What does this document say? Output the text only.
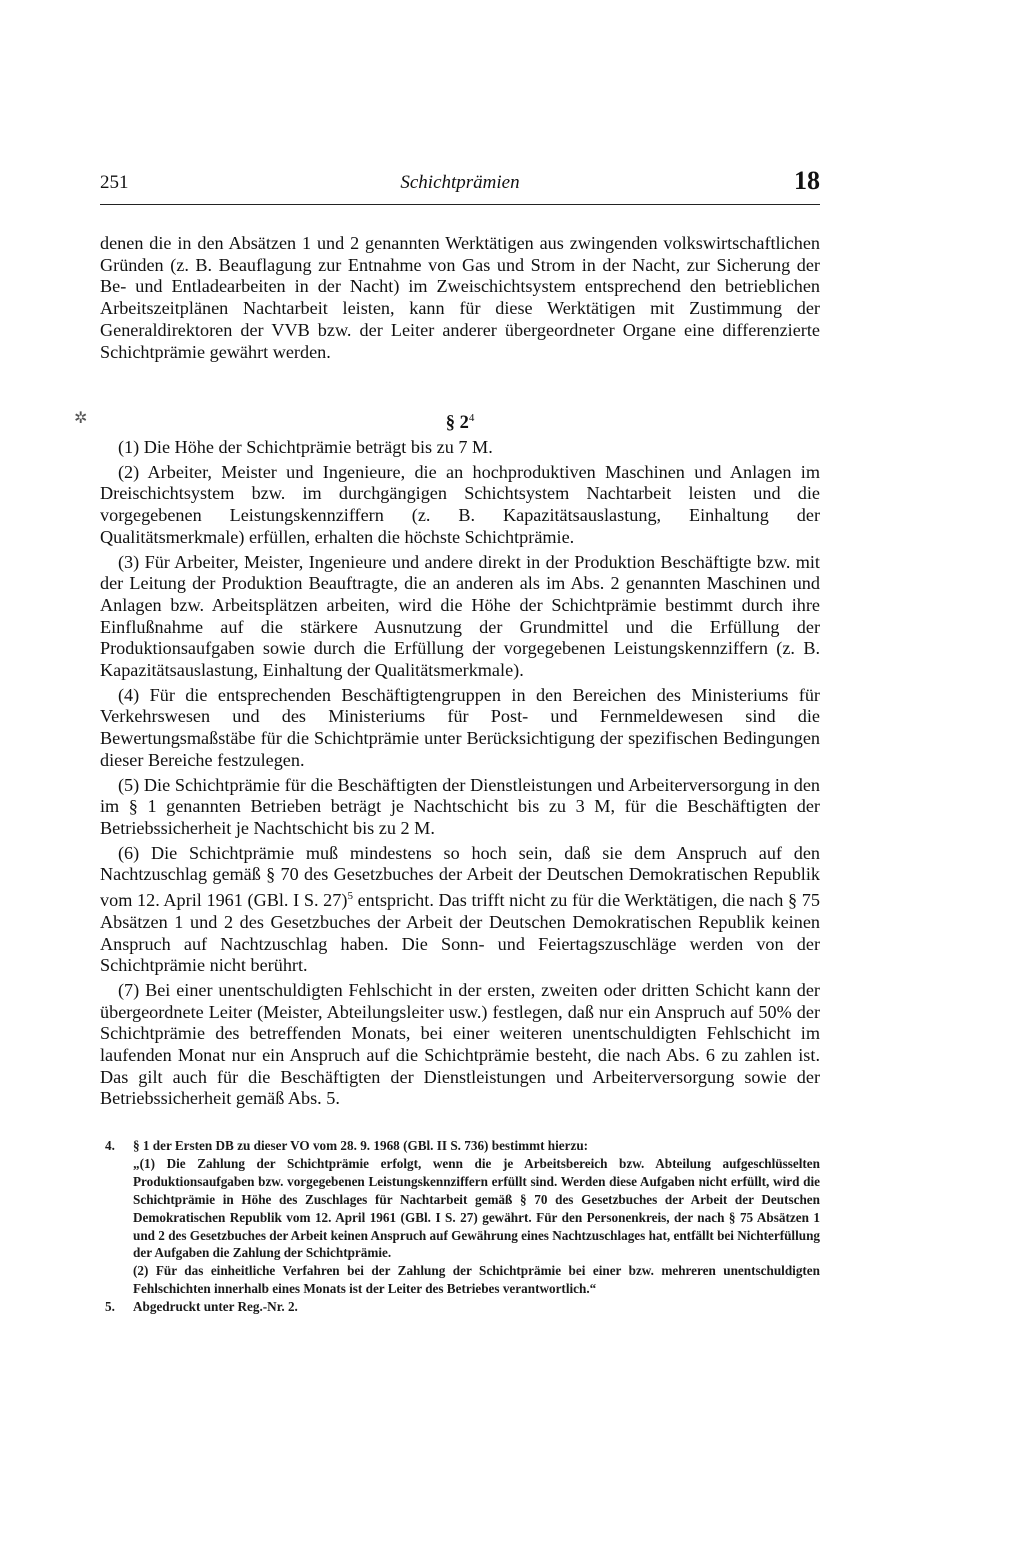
251	Schichtprämien	18

denen die in den Absätzen 1 und 2 genannten Werktätigen aus zwingenden volkswirtschaftlichen Gründen (z. B. Beauflagung zur Entnahme von Gas und Strom in der Nacht, zur Sicherung der Be- und Entladearbeiten in der Nacht) im Zweischichtsystem entsprechend den betrieblichen Arbeitszeitplänen Nachtarbeit leisten, kann für diese Werktätigen mit Zustimmung der Generaldirektoren der VVB bzw. der Leiter anderer übergeordneter Organe eine differenzierte Schichtprämie gewährt werden.

✲	§ $2^4$

(1) Die Höhe der Schichtprämie beträgt bis zu 7 M.

(2) Arbeiter, Meister und Ingenieure, die an hochproduktiven Maschinen und Anlagen im Dreischichtsystem bzw. im durchgängigen Schichtsystem Nachtarbeit leisten und die vorgegebenen Leistungskennziffern (z. B. Kapazitätsauslastung, Einhaltung der Qualitätsmerkmale) erfüllen, erhalten die höchste Schichtprämie.

(3) Für Arbeiter, Meister, Ingenieure und andere direkt in der Produktion Beschäftigte bzw. mit der Leitung der Produktion Beauftragte, die an anderen als im Abs. 2 genannten Maschinen und Anlagen bzw. Arbeitsplätzen arbeiten, wird die Höhe der Schichtprämie bestimmt durch ihre Einflußnahme auf die stärkere Ausnutzung der Grundmittel und die Erfüllung der Produktionsaufgaben sowie durch die Erfüllung der vorgegebenen Leistungskennziffern (z. B. Kapazitätsauslastung, Einhaltung der Qualitätsmerkmale).

(4) Für die entsprechenden Beschäftigtengruppen in den Bereichen des Ministeriums für Verkehrswesen und des Ministeriums für Post- und Fernmeldewesen sind die Bewertungsmaßstäbe für die Schichtprämie unter Berücksichtigung der spezifischen Bedingungen dieser Bereiche festzulegen.

(5) Die Schichtprämie für die Beschäftigten der Dienstleistungen und Arbeiterversorgung in den im § 1 genannten Betrieben beträgt je Nachtschicht bis zu 3 M, für die Beschäftigten der Betriebssicherheit je Nachtschicht bis zu 2 M.

(6) Die Schichtprämie muß mindestens so hoch sein, daß sie dem Anspruch auf den Nachtzuschlag gemäß § 70 des Gesetzbuches der Arbeit der Deutschen Demokratischen Republik vom 12. April 1961 (GBl. I S. 27)$^5$ entspricht. Das trifft nicht zu für die Werktätigen, die nach § 75 Absätzen 1 und 2 des Gesetzbuches der Arbeit der Deutschen Demokratischen Republik keinen Anspruch auf Nachtzuschlag haben. Die Sonn- und Feiertagszuschläge werden von der Schichtprämie nicht berührt.

(7) Bei einer unentschuldigten Fehlschicht in der ersten, zweiten oder dritten Schicht kann der übergeordnete Leiter (Meister, Abteilungsleiter usw.) festlegen, daß nur ein Anspruch auf 50% der Schichtprämie des betreffenden Monats, bei einer weiteren unentschuldigten Fehlschicht im laufenden Monat nur ein Anspruch auf die Schichtprämie besteht, die nach Abs. 6 zu zahlen ist. Das gilt auch für die Beschäftigten der Dienstleistungen und Arbeiterversorgung sowie der Betriebssicherheit gemäß Abs. 5.

4.	§ 1 der Ersten DB zu dieser VO vom 28. 9. 1968 (GBl. II S. 736) bestimmt hierzu:

„(1) Die Zahlung der Schichtprämie erfolgt, wenn die je Arbeitsbereich bzw. Abteilung aufgeschlüsselten Produktionsaufgaben bzw. vorgegebenen Leistungskennziffern erfüllt sind. Werden diese Aufgaben nicht erfüllt, wird die Schichtprämie in Höhe des Zuschlages für Nachtarbeit gemäß § 70 des Gesetzbuches der Arbeit der Deutschen Demokratischen Republik vom 12. April 1961 (GBl. I S. 27) gewährt. Für den Personenkreis, der nach § 75 Absätzen 1 und 2 des Gesetzbuches der Arbeit keinen Anspruch auf Gewährung eines Nachtzuschlages hat, entfällt bei Nichterfüllung der Aufgaben die Zahlung der Schichtprämie.

(2) Für das einheitliche Verfahren bei der Zahlung der Schichtprämie bei einer bzw. mehreren unentschuldigten Fehlschichten innerhalb eines Monats ist der Leiter des Betriebes verantwortlich.“

5.	Abgedruckt unter Reg.-Nr. 2.
